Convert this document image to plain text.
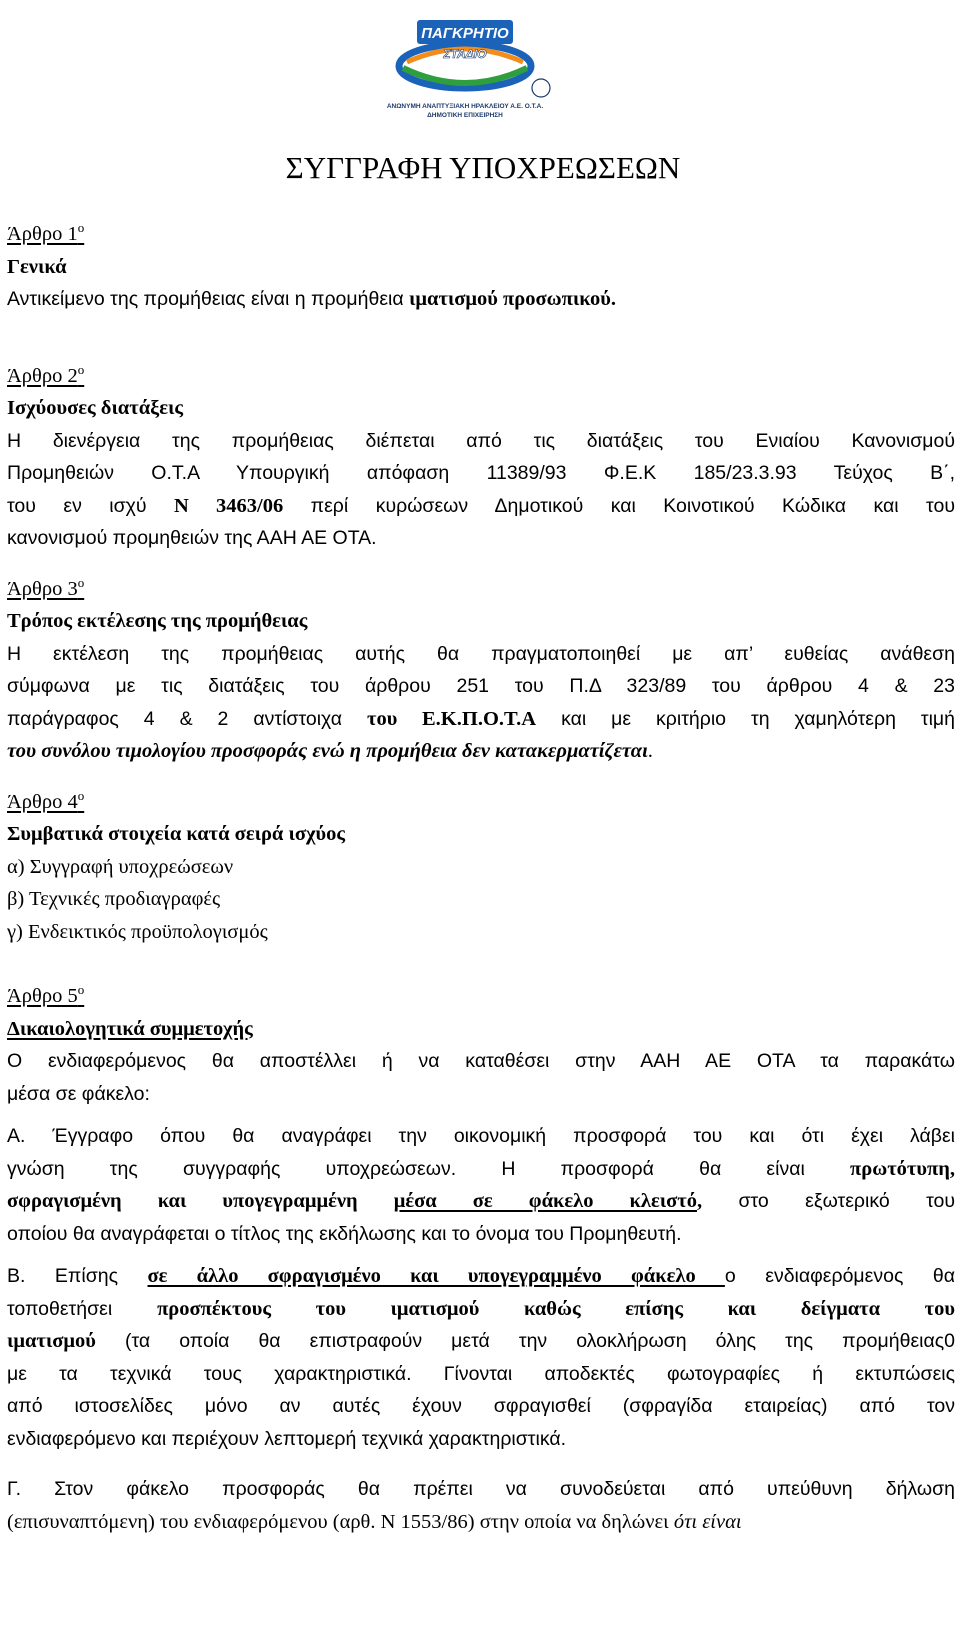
ΠΑΓΚΡΗΤΙΟ
ΣΤΑΔΙΟ
ΑΝΩΝΥΜΗ ΑΝΑΠΤΥΞΙΑΚΗ ΗΡΑΚΛΕΙΟΥ Α.Ε. Ο.Τ.Α.
ΔΗΜΟΤΙΚΗ ΕΠΙΧΕΙΡΗΣΗ
ΣΥΓΓΡΑΦΗ ΥΠΟΧΡΕΩΣΕΩΝ
Άρθρο $1^o$
Γενικά
Αντικείμενο της προμήθειας είναι η προμήθεια ιματισμού προσωπικού.
Άρθρο $2^o$
Ισχύουσες διατάξεις
Η διενέργεια της προμήθειας διέπεται από τις διατάξεις του Ενιαίου Κανονισμού
Προμηθειών Ο.Τ.Α Υπουργική απόφαση 11389/93 Φ.Ε.Κ 185/23.3.93 Τεύχος Β΄,
του εν ισχύ Ν 3463/06 περί κυρώσεων Δημοτικού και Κοινοτικού Κώδικα και του
κανονισμού προμηθειών της ΑΑΗ ΑΕ ΟΤΑ.
Άρθρο $3^o$
Τρόπος εκτέλεσης της προμήθειας
Η εκτέλεση της προμήθειας αυτής θα πραγματοποιηθεί με απ’ ευθείας ανάθεση
σύμφωνα με τις διατάξεις του άρθρου 251 του Π.Δ 323/89 του άρθρου 4 & 23
παράγραφος 4 & 2 αντίστοιχα του Ε.Κ.Π.Ο.Τ.Α και με κριτήριο τη χαμηλότερη τιμή
του συνόλου τιμολογίου προσφοράς ενώ η προμήθεια δεν κατακερματίζεται.
Άρθρο $4^o$
Συμβατικά στοιχεία κατά σειρά ισχύος
α) Συγγραφή υποχρεώσεων
β) Τεχνικές προδιαγραφές
γ) Ενδεικτικός προϋπολογισμός
Άρθρο $5^o$
Δικαιολογητικά συμμετοχής
Ο ενδιαφερόμενος θα αποστέλλει ή να καταθέσει στην ΑΑΗ ΑΕ ΟΤΑ τα παρακάτω
μέσα σε φάκελο:
Α. Έγγραφο όπου θα αναγράφει την οικονομική προσφορά του και ότι έχει λάβει
γνώση της συγγραφής υποχρεώσεων. Η προσφορά θα είναι πρωτότυπη,
σφραγισμένη και υπογεγραμμένη μέσα σε φάκελο κλειστό, στο εξωτερικό του
οποίου θα αναγράφεται ο τίτλος της εκδήλωσης και το όνομα του Προμηθευτή.
Β. Επίσης σε άλλο σφραγισμένο και υπογεγραμμένο φάκελο ο ενδιαφερόμενος θα
τοποθετήσει προσπέκτους του ιματισμού καθώς επίσης και δείγματα του
ιματισμού (τα οποία θα επιστραφούν μετά την ολοκλήρωση όλης της προμήθειας0
με τα τεχνικά τους χαρακτηριστικά. Γίνονται αποδεκτές φωτογραφίες ή εκτυπώσεις
από ιστοσελίδες μόνο αν αυτές έχουν σφραγισθεί (σφραγίδα εταιρείας) από τον
ενδιαφερόμενο και περιέχουν λεπτομερή τεχνικά χαρακτηριστικά.
Γ. Στον φάκελο προσφοράς θα πρέπει να συνοδεύεται από υπεύθυνη δήλωση
(επισυναπτόμενη) του ενδιαφερόμενου (αρθ. Ν 1553/86) στην οποία να δηλώνει ότι είναι
